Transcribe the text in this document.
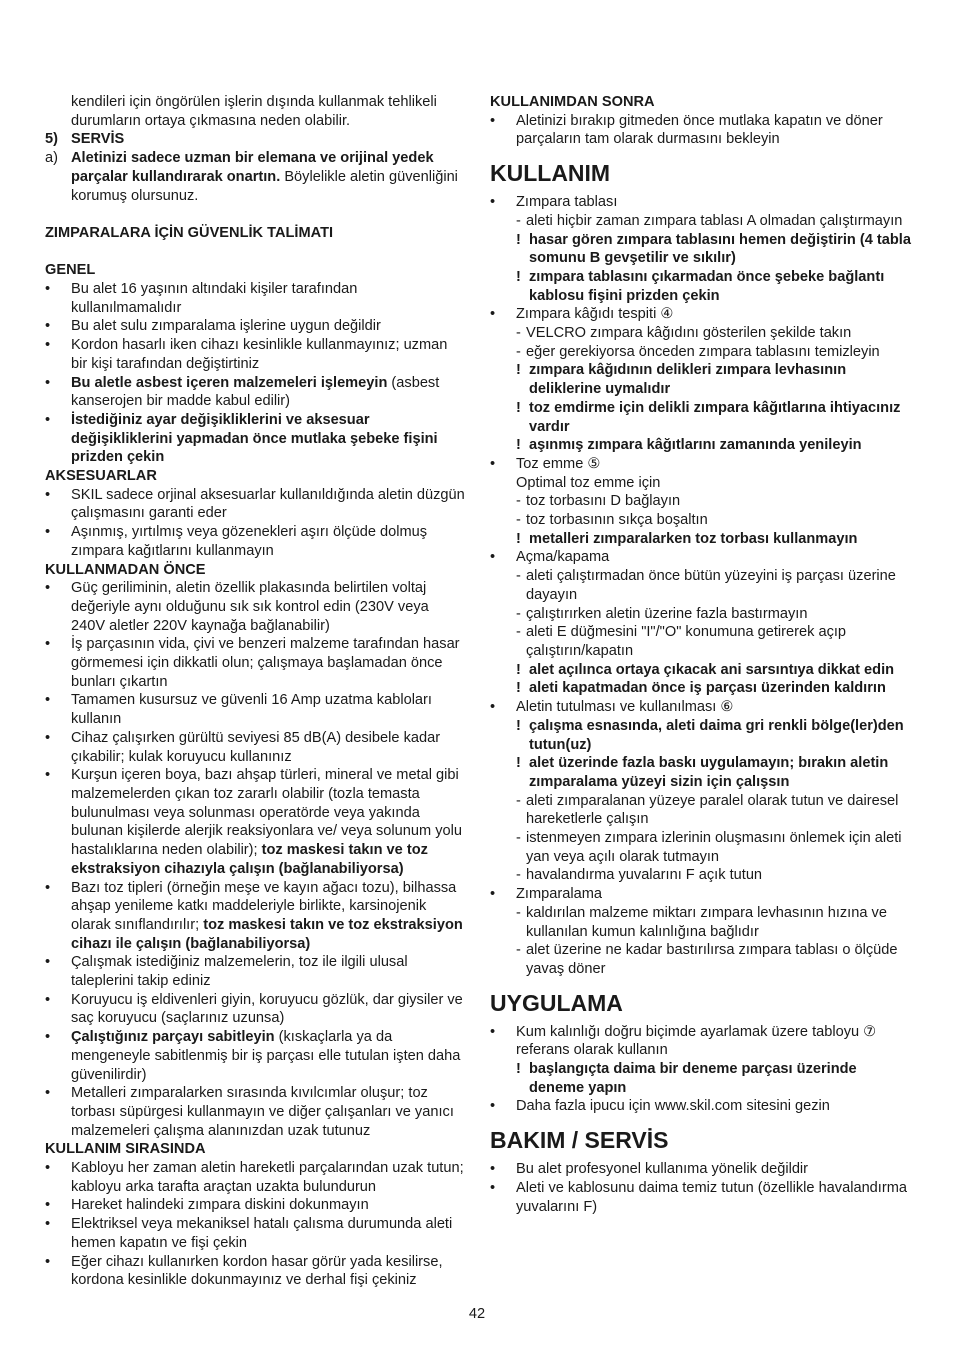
kendileri için öngörülen işlerin dışında kullanmak tehlikeli durumların ortaya çıkmasına neden olabilir.
5) SERVİS
a) Aletinizi sadece uzman bir elemana ve orijinal yedek parçalar kullandırarak onartın. Böylelikle aletin güvenliğini korumuş olursunuz.
ZIMPARALARA İÇİN GÜVENLİK TALİMATI
GENEL
• Bu alet 16 yaşının altındaki kişiler tarafından kullanılmamalıdır
• Bu alet sulu zımparalama işlerine uygun değildir
• Kordon hasarlı iken cihazı kesinlikle kullanmayınız; uzman bir kişi tarafından değiştirtiniz
• Bu aletle asbest içeren malzemeleri işlemeyin (asbest kanserojen bir madde kabul edilir)
• İstediğiniz ayar değişikliklerini ve aksesuar değişikliklerini yapmadan önce mutlaka şebeke fişini prizden çekin
AKSESUARLAR
• SKIL sadece orjinal aksesuarlar kullanıldığında aletin düzgün çalışmasını garanti eder
• Aşınmış, yırtılmış veya gözenekleri aşırı ölçüde dolmuş zımpara kağıtlarını kullanmayın
KULLANMADAN ÖNCE
• Güç geriliminin, aletin özellik plakasında belirtilen voltaj değeriyle aynı olduğunu sık sık kontrol edin (230V veya 240V aletler 220V kaynağa bağlanabilir)
• İş parçasının vida, çivi ve benzeri malzeme tarafından hasar görmemesi için dikkatli olun; çalışmaya başlamadan önce bunları çıkartın
• Tamamen kusursuz ve güvenli 16 Amp uzatma kabloları kullanın
• Cihaz çalışırken gürültü seviyesi 85 dB(A) desibele kadar çıkabilir; kulak koruyucu kullanınız
• Kurşun içeren boya, bazı ahşap türleri, mineral ve metal gibi malzemelerden çıkan toz zararlı olabilir (tozla temasta bulunulması veya solunması operatörde veya yakında bulunan kişilerde alerjik reaksiyonlara ve/ veya solunum yolu hastalıklarına neden olabilir); toz maskesi takın ve toz ekstraksiyon cihazıyla çalışın (bağlanabiliyorsa)
• Bazı toz tipleri (örneğin meşe ve kayın ağacı tozu), bilhassa ahşap yenileme katkı maddeleriyle birlikte, karsinojenik olarak sınıflandırılır; toz maskesi takın ve toz ekstraksiyon cihazı ile çalışın (bağlanabiliyorsa)
• Çalışmak istediğiniz malzemelerin, toz ile ilgili ulusal taleplerini takip ediniz
• Koruyucu iş eldivenleri giyin, koruyucu gözlük, dar giysiler ve saç koruyucu (saçlarınız uzunsa)
• Çalıştığınız parçayı sabitleyin (kıskaçlarla ya da mengeneyle sabitlenmiş bir iş parçası elle tutulan işten daha güvenilirdir)
• Metalleri zımparalarken sırasında kıvılcımlar oluşur; toz torbası süpürgesi kullanmayın ve diğer çalışanları ve yanıcı malzemeleri çalışma alanınızdan uzak tutunuz
KULLANIM SIRASINDA
• Kabloyu her zaman aletin hareketli parçalarından uzak tutun; kabloyu arka tarafta araçtan uzakta bulundurun
• Hareket halindeki zımpara diskini dokunmayın
• Elektriksel veya mekaniksel hatalı çalısma durumunda aleti hemen kapatın ve fişi çekin
• Eğer cihazı kullanırken kordon hasar görür yada kesilirse, kordona kesinlikle dokunmayınız ve derhal fişi çekiniz
KULLANIMDAN SONRA
• Aletinizi bırakıp gitmeden önce mutlaka kapatın ve döner parçaların tam olarak durmasını bekleyin
KULLANIM
• Zımpara tablası
- aleti hiçbir zaman zımpara tablası A olmadan çalıştırmayın
! hasar gören zımpara tablasını hemen değiştirin (4 tabla somunu B gevşetilir ve sıkılır)
! zımpara tablasını çıkarmadan önce şebeke bağlantı kablosu fişini prizden çekin
• Zımpara kâğıdı tespiti ④
- VELCRO zımpara kâğıdını gösterilen şekilde takın
- eğer gerekiyorsa önceden zımpara tablasını temizleyin
! zımpara kâğıdının delikleri zımpara levhasının deliklerine uymalıdır
! toz emdirme için delikli zımpara kâğıtlarına ihtiyacınız vardır
! aşınmış zımpara kâğıtlarını zamanında yenileyin
• Toz emme ⑤
Optimal toz emme için
- toz torbasını D bağlayın
- toz torbasının sıkça boşaltın
! metalleri zımparalarken toz torbası kullanmayın
• Açma/kapama
- aleti çalıştırmadan önce bütün yüzeyini iş parçası üzerine dayayın
- çalıştırırken aletin üzerine fazla bastırmayın
- aleti E düğmesini "I"/"O" konumuna getirerek açıp çalıştırın/kapatın
! alet açılınca ortaya çıkacak ani sarsıntıya dikkat edin
! aleti kapatmadan önce iş parçası üzerinden kaldırın
• Aletin tutulması ve kullanılması ⑥
! çalışma esnasında, aleti daima gri renkli bölge(ler)den tutun(uz)
! alet üzerinde fazla baskı uygulamayın; bırakın aletin zımparalama yüzeyi sizin için çalışsın
- aleti zımparalanan yüzeye paralel olarak tutun ve dairesel hareketlerle çalışın
- istenmeyen zımpara izlerinin oluşmasını önlemek için aleti yan veya açılı olarak tutmayın
- havalandırma yuvalarını F açık tutun
• Zımparalama
- kaldırılan malzeme miktarı zımpara levhasının hızına ve kullanılan kumun kalınlığına bağlıdır
- alet üzerine ne kadar bastırılırsa zımpara tablası o ölçüde yavaş döner
UYGULAMA
• Kum kalınlığı doğru biçimde ayarlamak üzere tabloyu ⑦ referans olarak kullanın
! başlangıçta daima bir deneme parçası üzerinde deneme yapın
• Daha fazla ipucu için www.skil.com sitesini gezin
BAKIM / SERVİS
• Bu alet profesyonel kullanıma yönelik değildir
• Aleti ve kablosunu daima temiz tutun (özellikle havalandırma yuvalarını F)
42
